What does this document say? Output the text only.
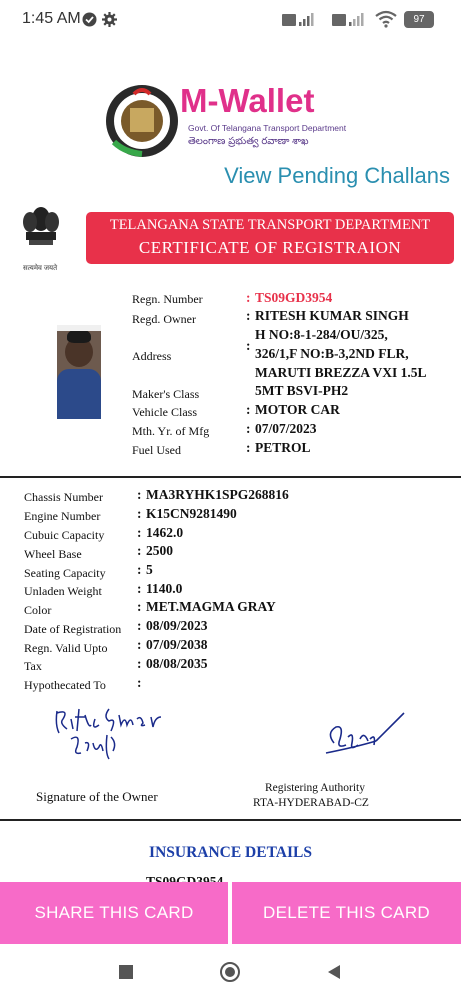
1:45 AM	97
M-Wallet
Govt. Of Telangana Transport Department
తెలంగాణ ప్రభుత్వ రవాణా శాఖ
View Pending Challans
सत्यमेव जयते
TELANGANA STATE TRANSPORT DEPARTMENT
CERTIFICATE OF REGISTRAION
Regn. Number
Regd. Owner
Address
Maker's Class
Vehicle Class
Mth. Yr. of Mfg
Fuel Used
:
:
:
:
:
:
TS09GD3954
RITESH KUMAR SINGH
H NO:8-1-284/OU/325,
326/1,F NO:B-3,2ND FLR,
MARUTI BREZZA VXI 1.5L
5MT BSVI-PH2
MOTOR CAR
07/07/2023
PETROL
Chassis Number
Engine Number
Cubuic Capacity
Wheel Base
Seating Capacity
Unladen Weight
Color
Date of Registration
Regn. Valid Upto
Tax
Hypothecated To
:
:
:
:
:
:
:
:
:
:
:
MA3RYHK1SPG268816
K15CN9281490
1462.0
2500
5
1140.0
MET.MAGMA GRAY
08/09/2023
07/09/2038
08/08/2035
Signature of the Owner
Registering Authority
RTA-HYDERABAD-CZ
INSURANCE DETAILS
SHARE THIS CARD	DELETE THIS CARD
